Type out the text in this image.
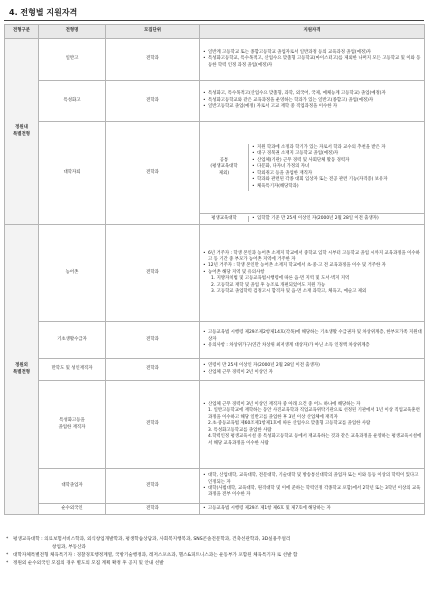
4. 전형별 지원자격
전형구분	전형명	모집단위	지원자격
정원내
특별전형	일반고	전학과	
• 일반계 고등학교 또는 종합고등학교 졸업자로서 일반과정 등의 교육과정 졸업(예정)자
• 특성화고등학교, 특수목적고, 산업수요 맞춤형 고등학교(마이스터고)를 제외한 나머지 모든 고등학교 및 이와 동등한 학력 인정 과정 졸업(예정)자

특성화고	전학과	
• 특성화고, 특수목적고(산업수요 맞춤형, 과학, 외국어, 국제, 예체능계 고등학교) 졸업(예정)자
• 특성화고등학교와 같은 교육과정을 운영하는 학과가 있는 일반고(종합고) 졸업(예정)자
• 일반고등학교 졸업(예정) 자로서 고교 재학 중 직업과정을 이수한 자

대학자퇴	전학과	
공통
(평생교육대학
제외)	
• 지원 학과에 소정과 학기가 있는 자로서 학과 교수의 추천을 받은 자
• 대구 경북권 소재지 고등학교 졸업(예정)자
• 산업체(기관) 근무 경력 및 사회단체 활동 경력자
• 다문화, 다자녀 가정의 자녀
• 학외취고 등을 졸업한 재직자
• 학과와 관련된 각종 대회 입상자 또는 전공 관련 기능(자격증) 보유자
• 체육특기자(해당학과)

평생교육대학	
•입학할 기준 만 25세 이상인 자(2000년 2월 28일 이전 출생자)

정원외
특별전형	농어촌	전학과	
• 6년 거주자 : 학생 본인과 농어촌 소재지 학교에서 중학교 입학 시부터 고등학교 졸업 시까지 교육과정을 이수하고 동 기간 중 부모가 농어촌 지역에 거주한 자
• 12년 거주자 : 학생 본인만 농어촌 소재지 학교에서 초·중·고 전 교육과정을 이수 및 거주한 자
• 농어촌 해당 지역 및 유의사항
1. 지방자치법 및 고등교육법시행령에 따른 읍·면 지역 및 도서·벽지 지역
2. 고등학교 재학 및 졸업 후 농조로 개편되었어도 지원 가능
3. 고등학교 졸업학력 검정고시 합격자 및 읍·면 소재 과학고, 체육고, 예술고 제외

기초생활수급자	전학과	
• 고등교육법 시행령 제29조제2항제14호(각목)에 해당하는 기초생활 수급권자 및 차상위계층, 한부모가족 지원대상자
• 유의사항 : 차상위가구(연간 차상위 최저생계 대상자)가 아닌 소득 인정액 차상위계층

만학도 및 성인재직자	전학과	
• 연령이 만 25세 이상인 자(2000년 2월 28일 이전 출생자)
• 산업체 근무 경력이 2년 이상인 자

특성화고등을
졸업한 재직자	전학과	
• 산업체 근무 경력이 3년 이상인 재직자 중 아래 요건 중 어느 하나에 해당하는 자
1. 일반고등학교에 재학하는 동안 사진교육학과 직업교육위탁기관으로 선정된 기관에서 1년 이상 직업교육훈련과정을 이수하고 해당 일반고를 졸업한 후 3년 이상 산업체에 재직자
2.초·중등교육법 제60조제1항제1호에 따른 산업수요 맞춤형 고등학교를 졸업한 사람
3. 특성화고등학교를 졸업한 사람
4.학력인정 평생교육시설 중 특성화고등학교 등에서 재교육하는 것과 같은 교육과정을 운영하는 평생교육시설에서 해당 교육과정을 이수한 사람

대학졸업자	전학과	
• 대학, 산업대학, 교육대학, 전문대학, 기술대학 및 방송통신대학의 졸업자 또는 이와 동등 이상의 학력이 있다고 인정되는 자
• 대학(사범대학, 교육대학, 원격대학 및 이에 준하는 학력인정 각종학교 포함)에서 2학년 또는 3학년 이상의 교육과정을 전부 이수한 자

순수외국인	전학과	
•고등교육법 시행령 제29조 제1항 제6호 및 제7호에 해당하는 자
* 평생교육대학 : 의료보험서비스학과, 외식창업개발학과, 평생학습상담과, 사회복지행복과, SNS콘솔전문학과, 건축선관학과, 3D실용주얼리
창업과, 부동산과
* 대학자체특별전형 체육특기자 : 경찰경호행정계열, 국방기술행정과, 레저스포츠과, 헬스&피트니스과는 운동부가 포함된 체육특기자 로 선발 함
* 정원외 순수외국인 모집의 경우 별도의 모집 계획 확정 후 공지 및 안내 선발
